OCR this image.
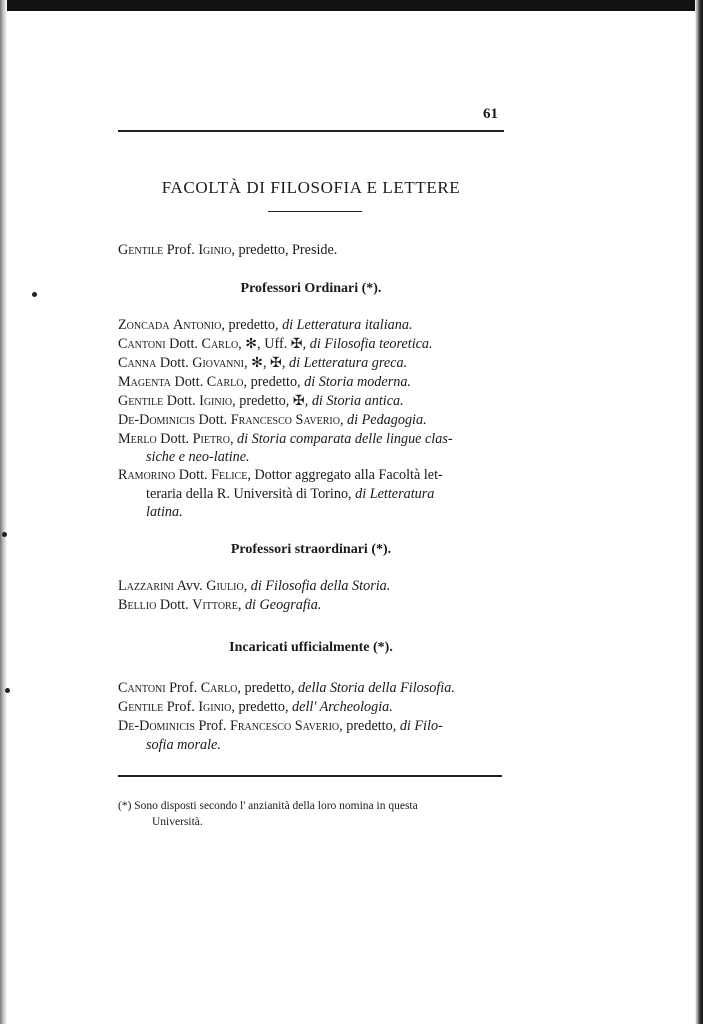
61
FACOLTÀ DI FILOSOFIA E LETTERE
Gentile Prof. Iginio, predetto, Preside.
Professori Ordinari (*).
Zoncada Antonio, predetto, di Letteratura italiana.
Cantoni Dott. Carlo, ✻, Uff. ✠, di Filosofia teoretica.
Canna Dott. Giovanni, ✻, ✠, di Letteratura greca.
Magenta Dott. Carlo, predetto, di Storia moderna.
Gentile Dott. Iginio, predetto, ✠, di Storia antica.
De-Dominicis Dott. Francesco Saverio, di Pedagogia.
Merlo Dott. Pietro, di Storia comparata delle lingue clas-
siche e neo-latine.
Ramorino Dott. Felice, Dottor aggregato alla Facoltà let-
teraria della R. Università di Torino, di Letteratura
latina.
Professori straordinari (*).
Lazzarini Avv. Giulio, di Filosofia della Storia.
Bellio Dott. Vittore, di Geografia.
Incaricati ufficialmente (*).
Cantoni Prof. Carlo, predetto, della Storia della Filosofia.
Gentile Prof. Iginio, predetto, dell' Archeologia.
De-Dominicis Prof. Francesco Saverio, predetto, di Filo-
sofia morale.
(*) Sono disposti secondo l' anzianità della loro nomina in questa
Università.
